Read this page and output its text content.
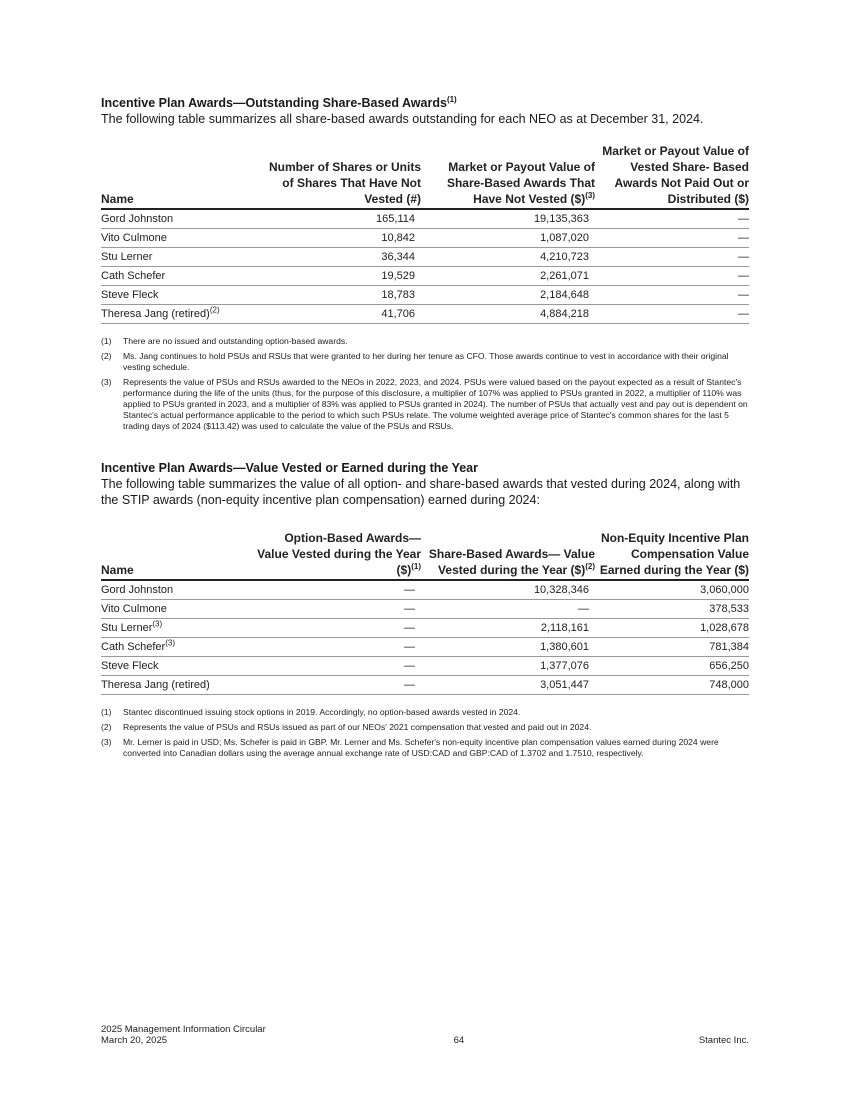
Incentive Plan Awards—Outstanding Share-Based Awards$^{(1)}$

The following table summarizes all share-based awards outstanding for each NEO as at December 31, 2024.

Name	Number of Shares or Units of Shares That Have Not Vested (#)	Market or Payout Value of Share-Based Awards That Have Not Vested ($)$^{(3)}$	Market or Payout Value of Vested Share- Based Awards Not Paid Out or Distributed ($)
Gord Johnston	165,114	19,135,363	—
Vito Culmone	10,842	1,087,020	—
Stu Lerner	36,344	4,210,723	—
Cath Schefer	19,529	2,261,071	—
Steve Fleck	18,783	2,184,648	—
Theresa Jang (retired)$^{(2)}$	41,706	4,884,218	—
(1)	There are no issued and outstanding option-based awards.
(2)	Ms. Jang continues to hold PSUs and RSUs that were granted to her during her tenure as CFO. Those awards continue to vest in accordance with their original vesting schedule.
(3)	Represents the value of PSUs and RSUs awarded to the NEOs in 2022, 2023, and 2024. PSUs were valued based on the payout expected as a result of Stantec's performance during the life of the units (thus, for the purpose of this disclosure, a multiplier of 107% was applied to PSUs granted in 2022, a multiplier of 110% was applied to PSUs granted in 2023, and a multiplier of 83% was applied to PSUs granted in 2024). The number of PSUs that actually vest and pay out is dependent on Stantec's actual performance applicable to the period to which such PSUs relate. The volume weighted average price of Stantec's common shares for the last 5 trading days of 2024 ($113.42) was used to calculate the value of the PSUs and RSUs.

Incentive Plan Awards—Value Vested or Earned during the Year

The following table summarizes the value of all option- and share-based awards that vested during 2024, along with the STIP awards (non-equity incentive plan compensation) earned during 2024:

Name	Option-Based Awards— Value Vested during the Year ($)$^{(1)}$	Share-Based Awards— Value Vested during the Year ($)$^{(2)}$	Non-Equity Incentive Plan Compensation Value Earned during the Year ($)
Gord Johnston	—	10,328,346	3,060,000
Vito Culmone	—	—	378,533
Stu Lerner$^{(3)}$	—	2,118,161	1,028,678
Cath Schefer$^{(3)}$	—	1,380,601	781,384
Steve Fleck	—	1,377,076	656,250
Theresa Jang (retired)	—	3,051,447	748,000
(1)	Stantec discontinued issuing stock options in 2019. Accordingly, no option-based awards vested in 2024.
(2)	Represents the value of PSUs and RSUs issued as part of our NEOs' 2021 compensation that vested and paid out in 2024.
(3)	Mr. Lerner is paid in USD; Ms. Schefer is paid in GBP. Mr. Lerner and Ms. Schefer's non-equity incentive plan compensation values earned during 2024 were converted into Canadian dollars using the average annual exchange rate of USD:CAD and GBP:CAD of 1.3702 and 1.7510, respectively.
2025 Management Information Circular
March 20, 2025	64	Stantec Inc.
